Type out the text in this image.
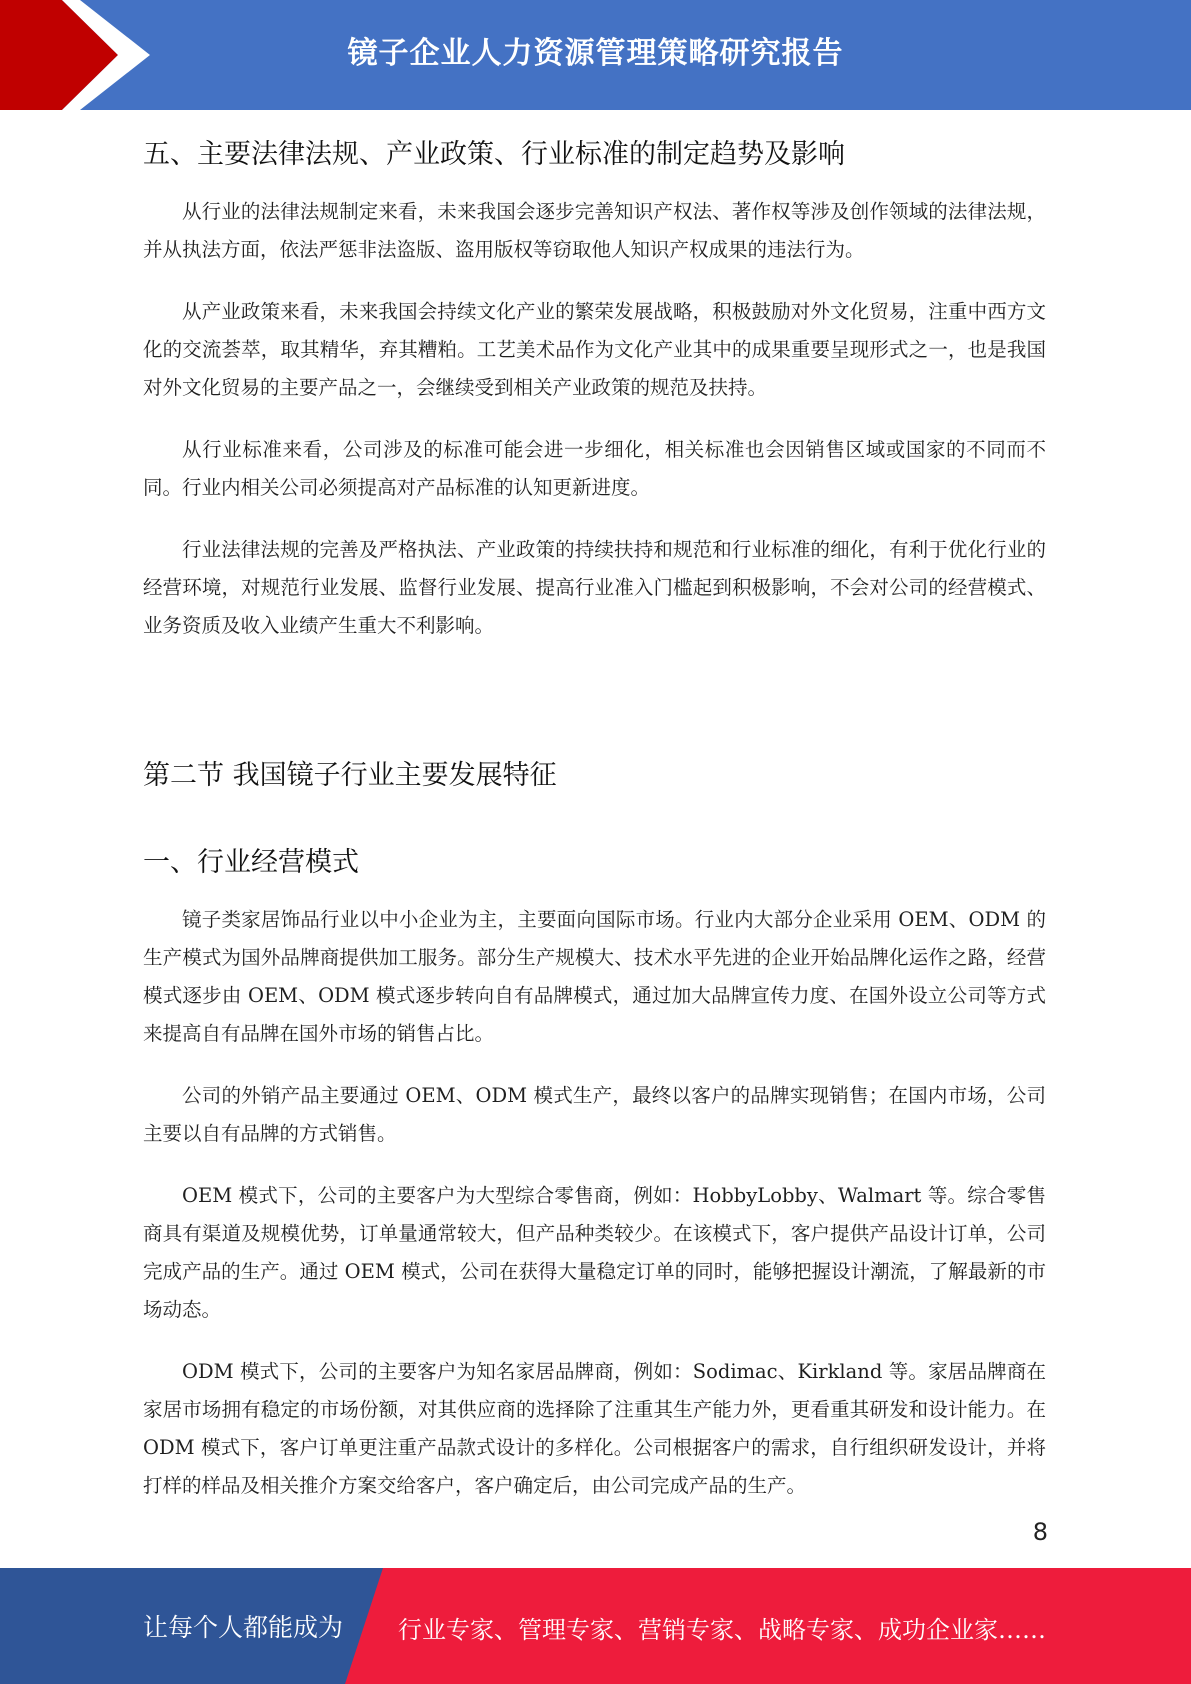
镜子企业人力资源管理策略研究报告
五、主要法律法规、产业政策、行业标准的制定趋势及影响

从行业的法律法规制定来看，未来我国会逐步完善知识产权法、著作权等涉及创作领域的法律法规，并从执法方面，依法严惩非法盗版、盗用版权等窃取他人知识产权成果的违法行为。

从产业政策来看，未来我国会持续文化产业的繁荣发展战略，积极鼓励对外文化贸易，注重中西方文化的交流荟萃，取其精华，弃其糟粕。工艺美术品作为文化产业其中的成果重要呈现形式之一，也是我国对外文化贸易的主要产品之一，会继续受到相关产业政策的规范及扶持。

从行业标准来看，公司涉及的标准可能会进一步细化，相关标准也会因销售区域或国家的不同而不同。行业内相关公司必须提高对产品标准的认知更新进度。

行业法律法规的完善及严格执法、产业政策的持续扶持和规范和行业标准的细化，有利于优化行业的经营环境，对规范行业发展、监督行业发展、提高行业准入门槛起到积极影响，不会对公司的经营模式、业务资质及收入业绩产生重大不利影响。

第二节 我国镜子行业主要发展特征
一、行业经营模式

镜子类家居饰品行业以中小企业为主，主要面向国际市场。行业内大部分企业采用 OEM、ODM 的生产模式为国外品牌商提供加工服务。部分生产规模大、技术水平先进的企业开始品牌化运作之路，经营模式逐步由 OEM、ODM 模式逐步转向自有品牌模式，通过加大品牌宣传力度、在国外设立公司等方式来提高自有品牌在国外市场的销售占比。

公司的外销产品主要通过 OEM、ODM 模式生产，最终以客户的品牌实现销售；在国内市场，公司主要以自有品牌的方式销售。

OEM 模式下，公司的主要客户为大型综合零售商，例如：HobbyLobby、Walmart 等。综合零售商具有渠道及规模优势，订单量通常较大，但产品种类较少。在该模式下，客户提供产品设计订单，公司完成产品的生产。通过 OEM 模式，公司在获得大量稳定订单的同时，能够把握设计潮流，了解最新的市场动态。

ODM 模式下，公司的主要客户为知名家居品牌商，例如：Sodimac、Kirkland 等。家居品牌商在家居市场拥有稳定的市场份额，对其供应商的选择除了注重其生产能力外，更看重其研发和设计能力。在 ODM 模式下，客户订单更注重产品款式设计的多样化。公司根据客户的需求，自行组织研发设计，并将打样的样品及相关推介方案交给客户，客户确定后，由公司完成产品的生产。

8
让每个人都能成为 行业专家、管理专家、营销专家、战略专家、成功企业家……
